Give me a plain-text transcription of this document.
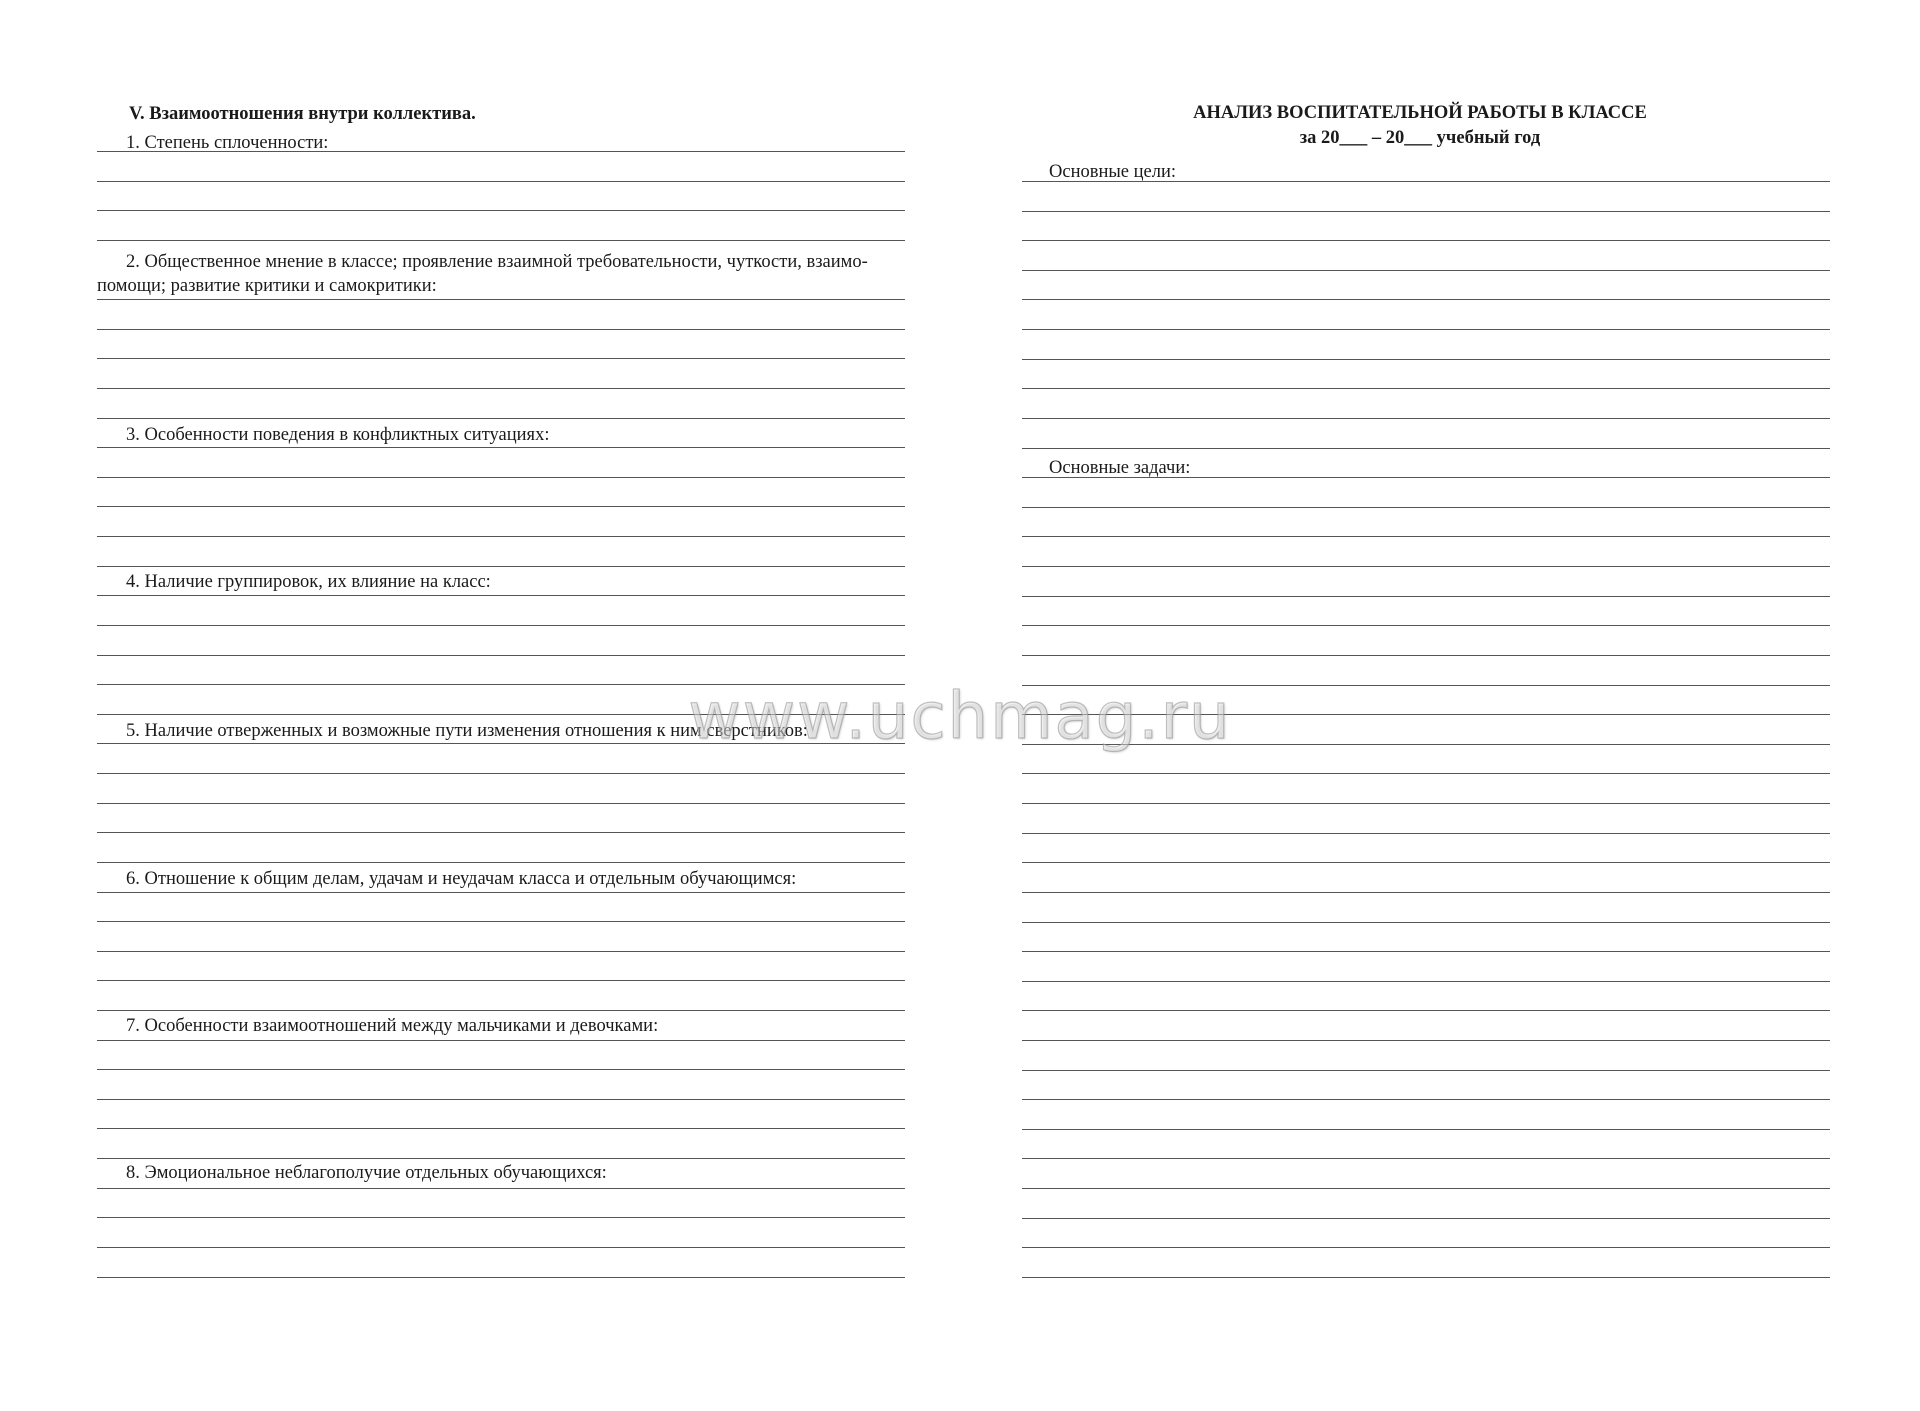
V. Взаимоотношения внутри коллектива.
1. Степень сплоченности:
2. Общественное мнение в классе; проявление взаимной требовательности, чуткости, взаимо-
помощи; развитие критики и самокритики:
3. Особенности поведения в конфликтных ситуациях:
4. Наличие группировок, их влияние на класс:
5. Наличие отверженных и возможные пути изменения отношения к ним сверстников:
6. Отношение к общим делам, удачам и неудачам класса и отдельным обучающимся:
7. Особенности взаимоотношений между мальчиками и девочками:
8. Эмоциональное неблагополучие отдельных обучающихся:
АНАЛИЗ ВОСПИТАТЕЛЬНОЙ РАБОТЫ В КЛАССЕ
за 20___ – 20___ учебный год
Основные цели:
Основные задачи:
www.uchmag.ru
